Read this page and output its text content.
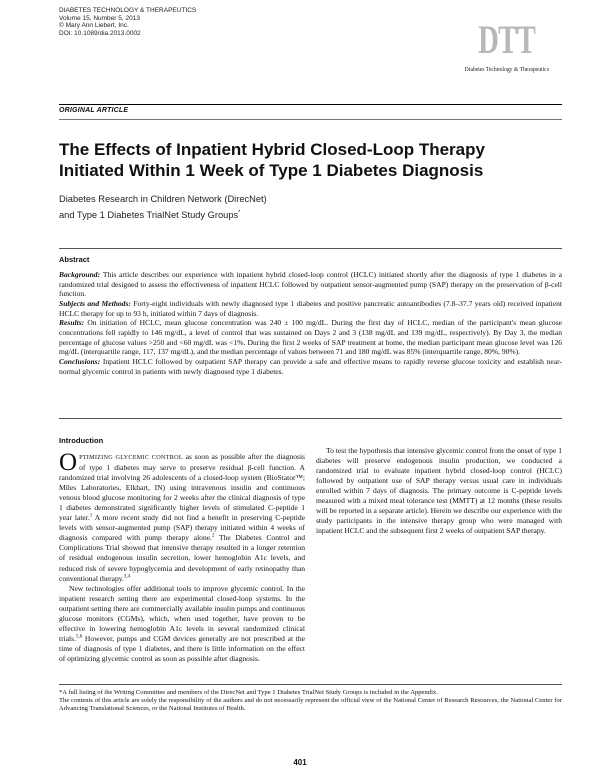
DIABETES TECHNOLOGY & THERAPEUTICS
Volume 15, Number 5, 2013
© Mary Ann Liebert, Inc.
DOI: 10.1089/dia.2013.0002	DTT
Diabetes Technology & Therapeutics
ORIGINAL ARTICLE
The Effects of Inpatient Hybrid Closed-Loop Therapy Initiated Within 1 Week of Type 1 Diabetes Diagnosis
Diabetes Research in Children Network (DirecNet)
and Type 1 Diabetes TrialNet Study Groups*
Abstract

Background: This article describes our experience with inpatient hybrid closed-loop control (HCLC) initiated shortly after the diagnosis of type 1 diabetes in a randomized trial designed to assess the effectiveness of inpatient HCLC followed by outpatient sensor-augmented pump (SAP) therapy on the preservation of β-cell function.

Subjects and Methods: Forty-eight individuals with newly diagnosed type 1 diabetes and positive pancreatic autoantibodies (7.8–37.7 years old) received inpatient HCLC therapy for up to 93 h, initiated within 7 days of diagnosis.

Results: On initiation of HCLC, mean glucose concentration was 240 ± 100 mg/dL. During the first day of HCLC, median of the participant's mean glucose concentrations fell rapidly to 146 mg/dL, a level of control that was sustained on Days 2 and 3 (138 mg/dL and 139 mg/dL, respectively). By Day 3, the median percentage of glucose values >250 and <60 mg/dL was <1%. During the first 2 weeks of SAP treatment at home, the median participant mean glucose level was 126 mg/dL (interquartile range, 117, 137 mg/dL), and the median percentage of values between 71 and 180 mg/dL was 85% (interquartile range, 80%, 90%).

Conclusions: Inpatient HCLC followed by outpatient SAP therapy can provide a safe and effective means to rapidly reverse glucose toxicity and establish near-normal glycemic control in patients with newly diagnosed type 1 diabetes.

Introduction

OPTIMIZING GLYCEMIC CONTROL as soon as possible after the diagnosis of type 1 diabetes may serve to preserve residual β-cell function. A randomized trial involving 26 adolescents of a closed-loop system (BioStator™; Miles Laboratories, Elkhart, IN) using intravenous insulin and continuous venous blood glucose monitoring for 2 weeks after the clinical diagnosis of type 1 diabetes demonstrated significantly higher levels of stimulated C-peptide 1 year later.$^1$ A more recent study did not find a benefit in preserving C-peptide levels with sensor-augmented pump (SAP) therapy initiated within 4 weeks of diagnosis compared with pump therapy alone.$^2$ The Diabetes Control and Complications Trial showed that intensive therapy resulted in a longer retention of residual endogenous insulin secretion, lower hemoglobin A1c levels, and reduced risk of severe hypoglycemia and development of early retinopathy than conventional therapy.$^{3,4}$

New technologies offer additional tools to improve glycemic control. In the inpatient research setting there are experimental closed-loop systems. In the outpatient setting there are commercially available insulin pumps and continuous glucose monitors (CGMs), which, when used together, have proven to be effective in lowering hemoglobin A1c levels in several randomized clinical trials.$^{5,6}$ However, pumps and CGM devices generally are not prescribed at the time of diagnosis of type 1 diabetes, and there is little information on the effect of optimizing glycemic control as soon as possible after diagnosis.

To test the hypothesis that intensive glycemic control from the onset of type 1 diabetes will preserve endogenous insulin production, we conducted a randomized trial to evaluate inpatient hybrid closed-loop control (HCLC) followed by outpatient use of SAP therapy versus usual care in individuals enrolled within 7 days of diagnosis. The primary outcome is C-peptide levels measured with a mixed meal tolerance test (MMTT) at 12 months (these results will be reported in a separate article). Herein we describe our experience with the study participants in the intensive therapy group who were managed with inpatient HCLC and the subsequent first 2 weeks of outpatient SAP therapy.

*A full listing of the Writing Committee and members of the DirecNet and Type 1 Diabetes TrialNet Study Groups is included in the Appendix.

The contents of this article are solely the responsibility of the authors and do not necessarily represent the official view of the National Center of Research Resources, the National Center for Advancing Translational Sciences, or the National Institutes of Health.

401
